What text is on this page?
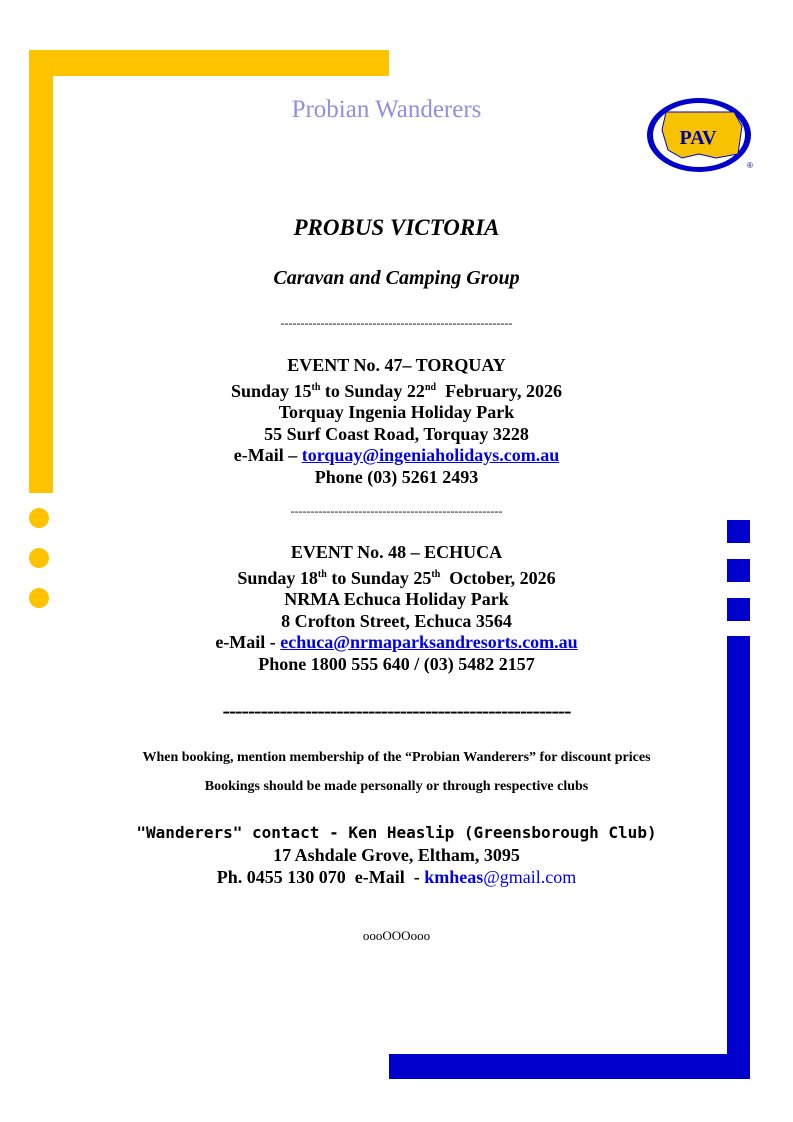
PAV
®
Probian Wanderers
PROBUS VICTORIA
Caravan and Camping Group
----------------------------------------------------------
EVENT No. 47– TORQUAY
Sunday 15th to Sunday 22nd  February, 2026
Torquay Ingenia Holiday Park
55 Surf Coast Road, Torquay 3228
e-Mail – torquay@ingeniaholidays.com.au
Phone (03) 5261 2493
-----------------------------------------------------
EVENT No. 48 – ECHUCA
Sunday 18th to Sunday 25th  October, 2026
NRMA Echuca Holiday Park
8 Crofton Street, Echuca 3564
e-Mail - echuca@nrmaparksandresorts.com.au
Phone 1800 555 640 / (03) 5482 2157
-------------------------------------------------------
When booking, mention membership of the “Probian Wanderers” for discount prices
Bookings should be made personally or through respective clubs
"Wanderers" contact - Ken Heaslip (Greensborough Club)
17 Ashdale Grove, Eltham, 3095
Ph. 0455 130 070  e-Mail  - kmheas@gmail.com
oooOOOooo
